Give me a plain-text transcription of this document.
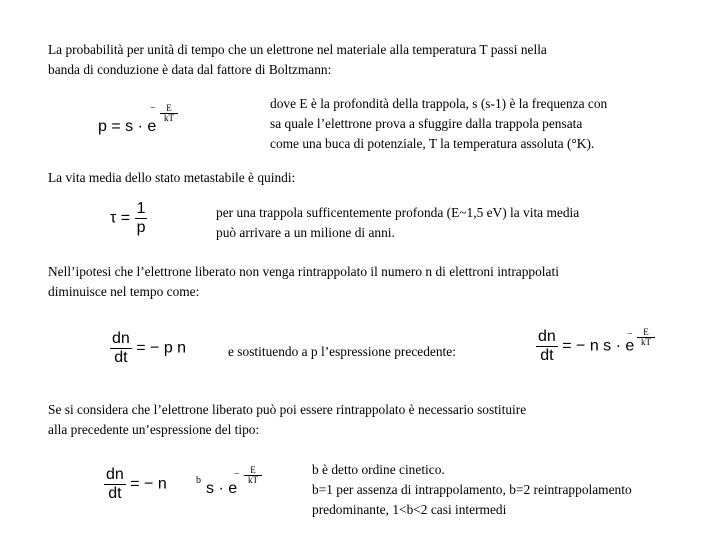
La probabilità per unità di tempo che un elettrone nel materiale alla temperatura T passi nella
banda di conduzione è data dal fattore di Boltzmann:
p = s · e
− $\frac{E}{kT}$
dove E è la profondità della trappola, s (s-1) è la frequenza con
sa quale l’elettrone prova a sfuggire dalla trappola pensata
come una buca di potenziale, T la temperatura assoluta (°K).
La vita media dello stato metastabile è quindi:
$\tau = \frac{1}{p}$	per una trappola sufficentemente profonda (E~1,5 eV) la vita media
può arrivare a un milione di anni.
Nell’ipotesi che l’elettrone liberato non venga rintrappolato il numero n di elettroni intrappolati
diminuisce nel tempo come:
$\frac{dn}{dt}$ = − p n	e sostituendo a p l’espressione precedente:	$\frac{dn}{dt}$ = − n s · e
− $\frac{E}{kT}$
Se si considera che l’elettrone liberato può poi essere rintrappolato è necessario sostituire
alla precedente un’espressione del tipo:
$\frac{dn}{dt}$ = − n	b s · e
− $\frac{E}{kT}$	b è detto ordine cinetico.
b=1 per assenza di intrappolamento, b=2 reintrappolamento
predominante, 1<b<2 casi intermedi
